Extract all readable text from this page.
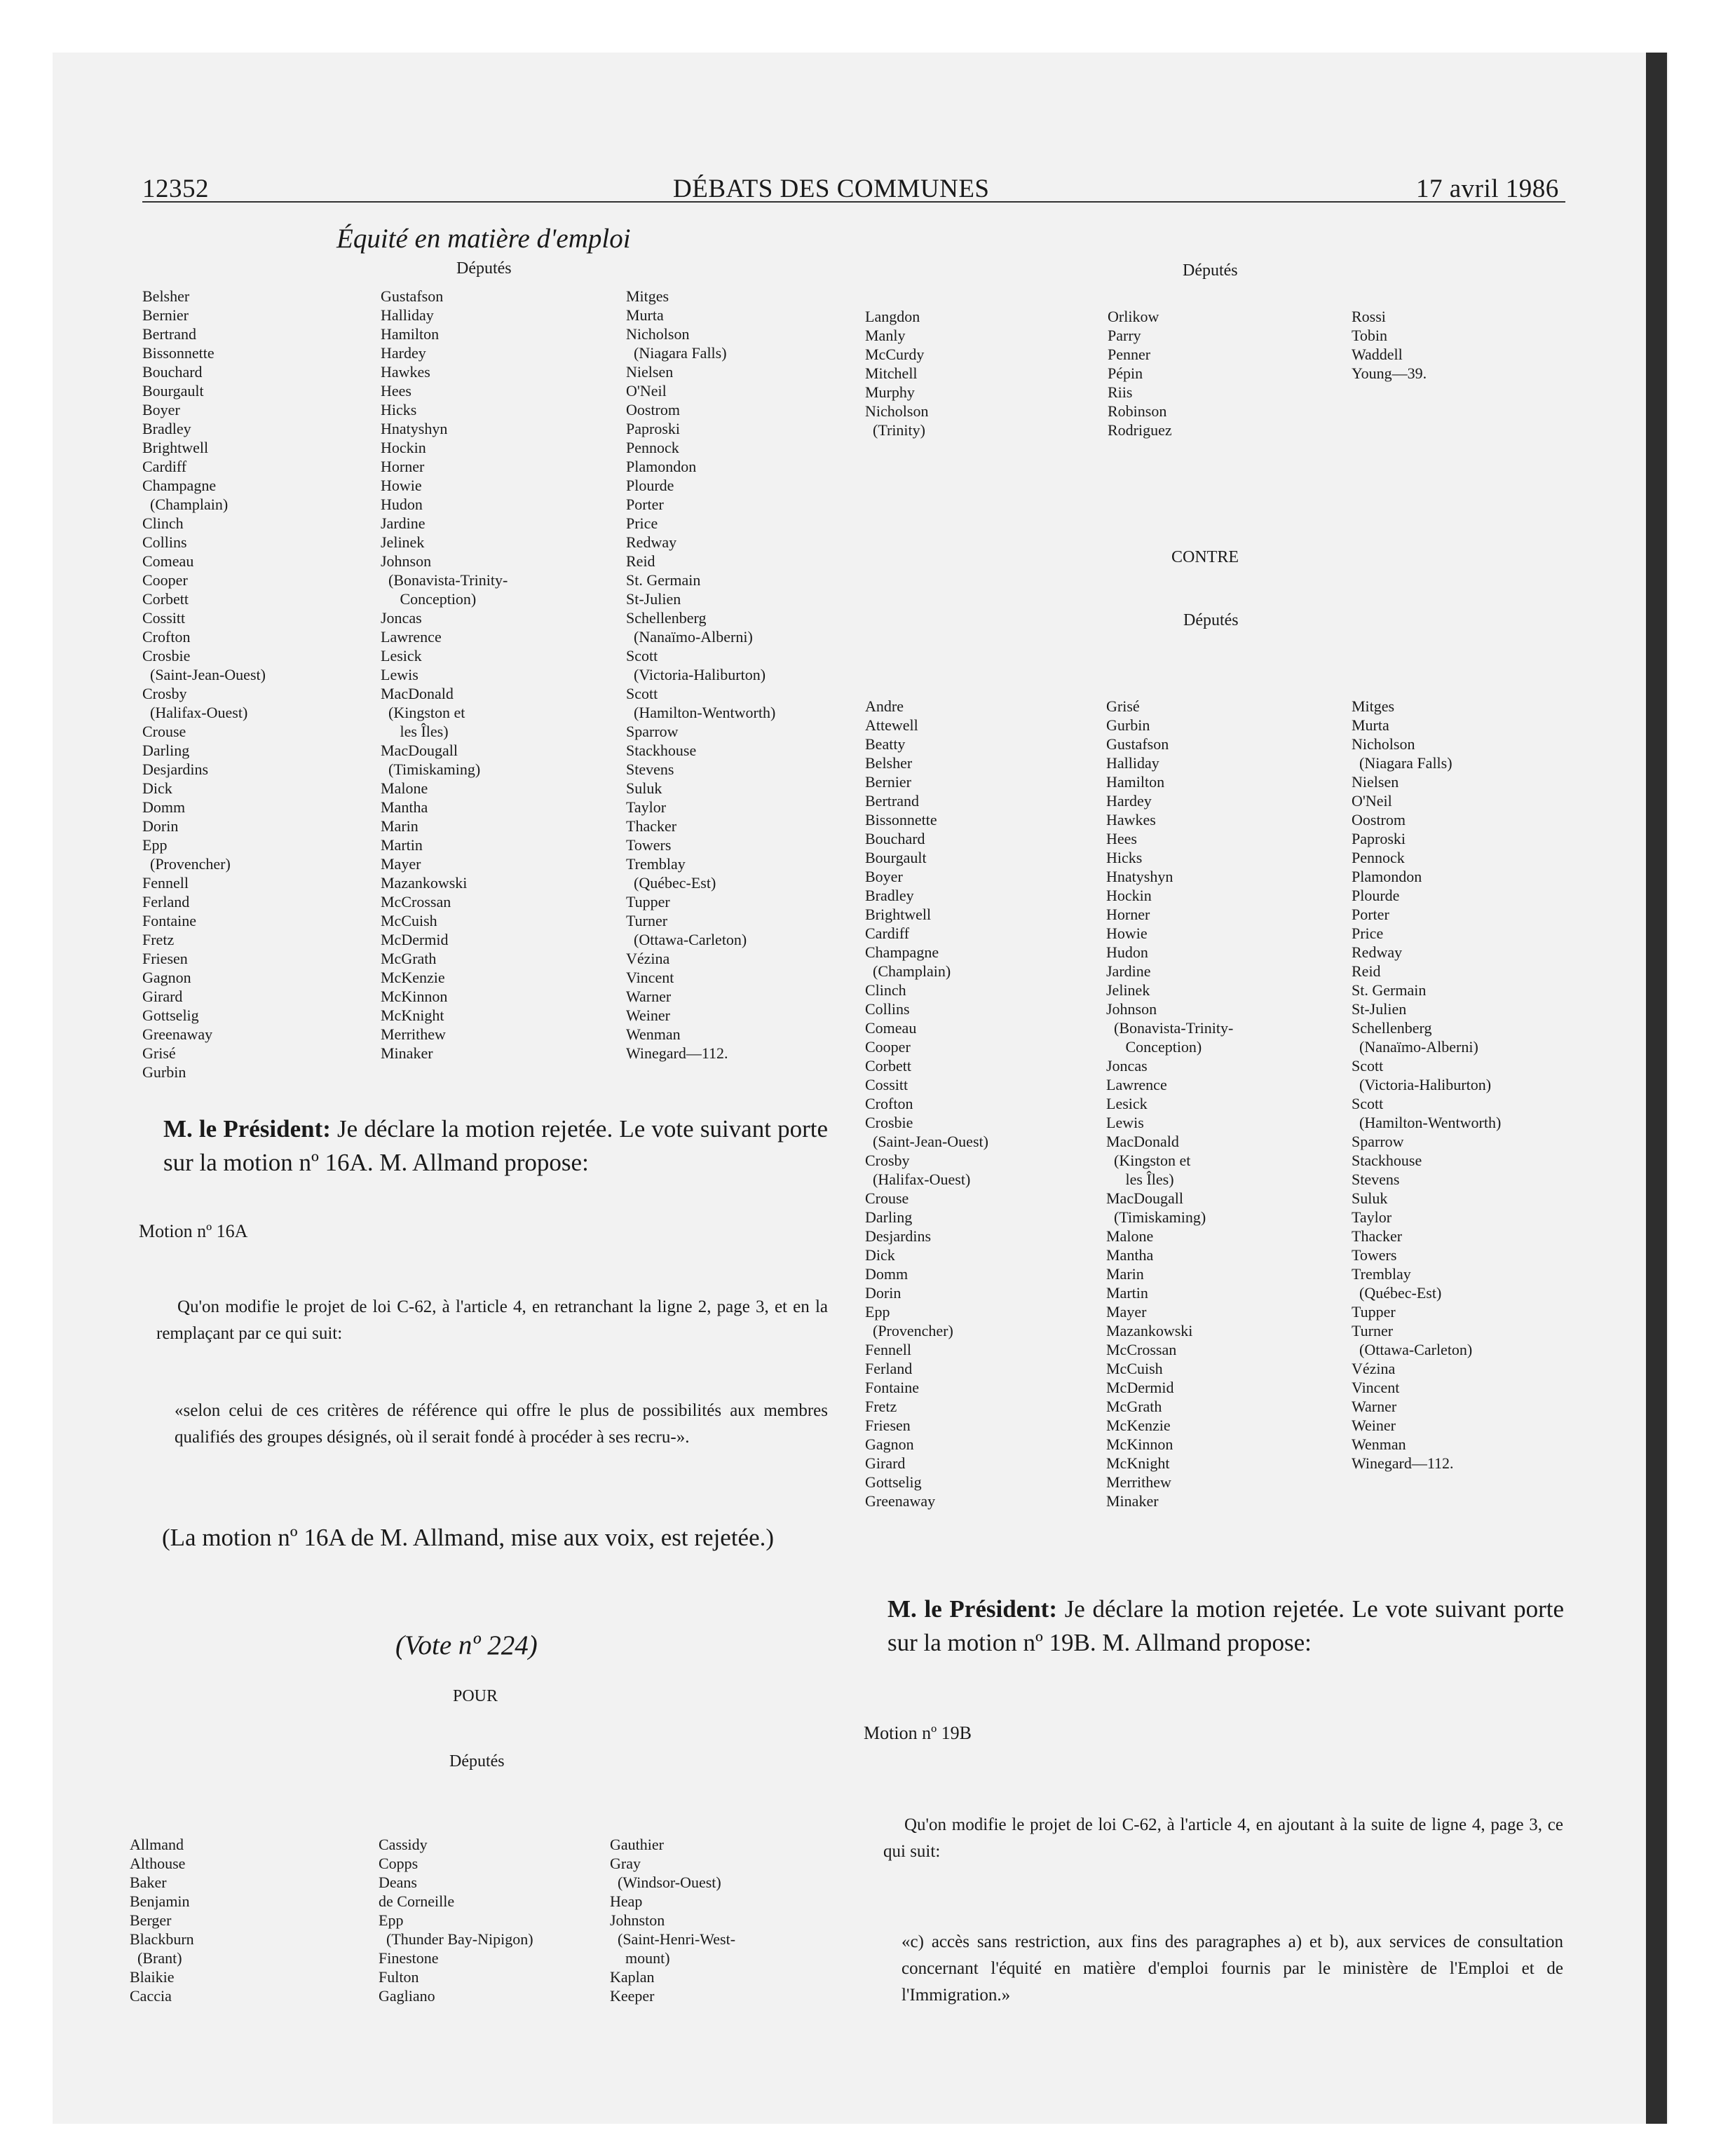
12352	DÉBATS DES COMMUNES	17 avril 1986
Équité en matière d'emploi
Députés
Belsher
Bernier
Bertrand
Bissonnette
Bouchard
Bourgault
Boyer
Bradley
Brightwell
Cardiff
Champagne
(Champlain)
Clinch
Collins
Comeau
Cooper
Corbett
Cossitt
Crofton
Crosbie
(Saint-Jean-Ouest)
Crosby
(Halifax-Ouest)
Crouse
Darling
Desjardins
Dick
Domm
Dorin
Epp
(Provencher)
Fennell
Ferland
Fontaine
Fretz
Friesen
Gagnon
Girard
Gottselig
Greenaway
Grisé
Gurbin
Gustafson
Halliday
Hamilton
Hardey
Hawkes
Hees
Hicks
Hnatyshyn
Hockin
Horner
Howie
Hudon
Jardine
Jelinek
Johnson
(Bonavista-Trinity-
Conception)
Joncas
Lawrence
Lesick
Lewis
MacDonald
(Kingston et
les Îles)
MacDougall
(Timiskaming)
Malone
Mantha
Marin
Martin
Mayer
Mazankowski
McCrossan
McCuish
McDermid
McGrath
McKenzie
McKinnon
McKnight
Merrithew
Minaker
Mitges
Murta
Nicholson
(Niagara Falls)
Nielsen
O'Neil
Oostrom
Paproski
Pennock
Plamondon
Plourde
Porter
Price
Redway
Reid
St. Germain
St-Julien
Schellenberg
(Nanaïmo-Alberni)
Scott
(Victoria-Haliburton)
Scott
(Hamilton-Wentworth)
Sparrow
Stackhouse
Stevens
Suluk
Taylor
Thacker
Towers
Tremblay
(Québec-Est)
Tupper
Turner
(Ottawa-Carleton)
Vézina
Vincent
Warner
Weiner
Wenman
Winegard—112.
M. le Président: Je déclare la motion rejetée. Le vote suivant porte sur la motion nº 16A. M. Allmand propose:
Motion nº 16A
Qu'on modifie le projet de loi C-62, à l'article 4, en retranchant la ligne 2, page 3, et en la remplaçant par ce qui suit:
«selon celui de ces critères de référence qui offre le plus de possibilités aux membres qualifiés des groupes désignés, où il serait fondé à procéder à ses recru-».
(La motion nº 16A de M. Allmand, mise aux voix, est rejetée.)
(Vote nº 224)
POUR
Députés
Allmand
Althouse
Baker
Benjamin
Berger
Blackburn
(Brant)
Blaikie
Caccia
Cassidy
Copps
Deans
de Corneille
Epp
(Thunder Bay-Nipigon)
Finestone
Fulton
Gagliano
Gauthier
Gray
(Windsor-Ouest)
Heap
Johnston
(Saint-Henri-West-
mount)
Kaplan
Keeper
Députés
Langdon
Manly
McCurdy
Mitchell
Murphy
Nicholson
(Trinity)
Orlikow
Parry
Penner
Pépin
Riis
Robinson
Rodriguez
Rossi
Tobin
Waddell
Young—39.
CONTRE
Députés
Andre
Attewell
Beatty
Belsher
Bernier
Bertrand
Bissonnette
Bouchard
Bourgault
Boyer
Bradley
Brightwell
Cardiff
Champagne
(Champlain)
Clinch
Collins
Comeau
Cooper
Corbett
Cossitt
Crofton
Crosbie
(Saint-Jean-Ouest)
Crosby
(Halifax-Ouest)
Crouse
Darling
Desjardins
Dick
Domm
Dorin
Epp
(Provencher)
Fennell
Ferland
Fontaine
Fretz
Friesen
Gagnon
Girard
Gottselig
Greenaway
Grisé
Gurbin
Gustafson
Halliday
Hamilton
Hardey
Hawkes
Hees
Hicks
Hnatyshyn
Hockin
Horner
Howie
Hudon
Jardine
Jelinek
Johnson
(Bonavista-Trinity-
Conception)
Joncas
Lawrence
Lesick
Lewis
MacDonald
(Kingston et
les Îles)
MacDougall
(Timiskaming)
Malone
Mantha
Marin
Martin
Mayer
Mazankowski
McCrossan
McCuish
McDermid
McGrath
McKenzie
McKinnon
McKnight
Merrithew
Minaker
Mitges
Murta
Nicholson
(Niagara Falls)
Nielsen
O'Neil
Oostrom
Paproski
Pennock
Plamondon
Plourde
Porter
Price
Redway
Reid
St. Germain
St-Julien
Schellenberg
(Nanaïmo-Alberni)
Scott
(Victoria-Haliburton)
Scott
(Hamilton-Wentworth)
Sparrow
Stackhouse
Stevens
Suluk
Taylor
Thacker
Towers
Tremblay
(Québec-Est)
Tupper
Turner
(Ottawa-Carleton)
Vézina
Vincent
Warner
Weiner
Wenman
Winegard—112.
M. le Président: Je déclare la motion rejetée. Le vote suivant porte sur la motion nº 19B. M. Allmand propose:
Motion nº 19B
Qu'on modifie le projet de loi C-62, à l'article 4, en ajoutant à la suite de ligne 4, page 3, ce qui suit:
«c) accès sans restriction, aux fins des paragraphes a) et b), aux services de consultation concernant l'équité en matière d'emploi fournis par le ministère de l'Emploi et de l'Immigration.»
